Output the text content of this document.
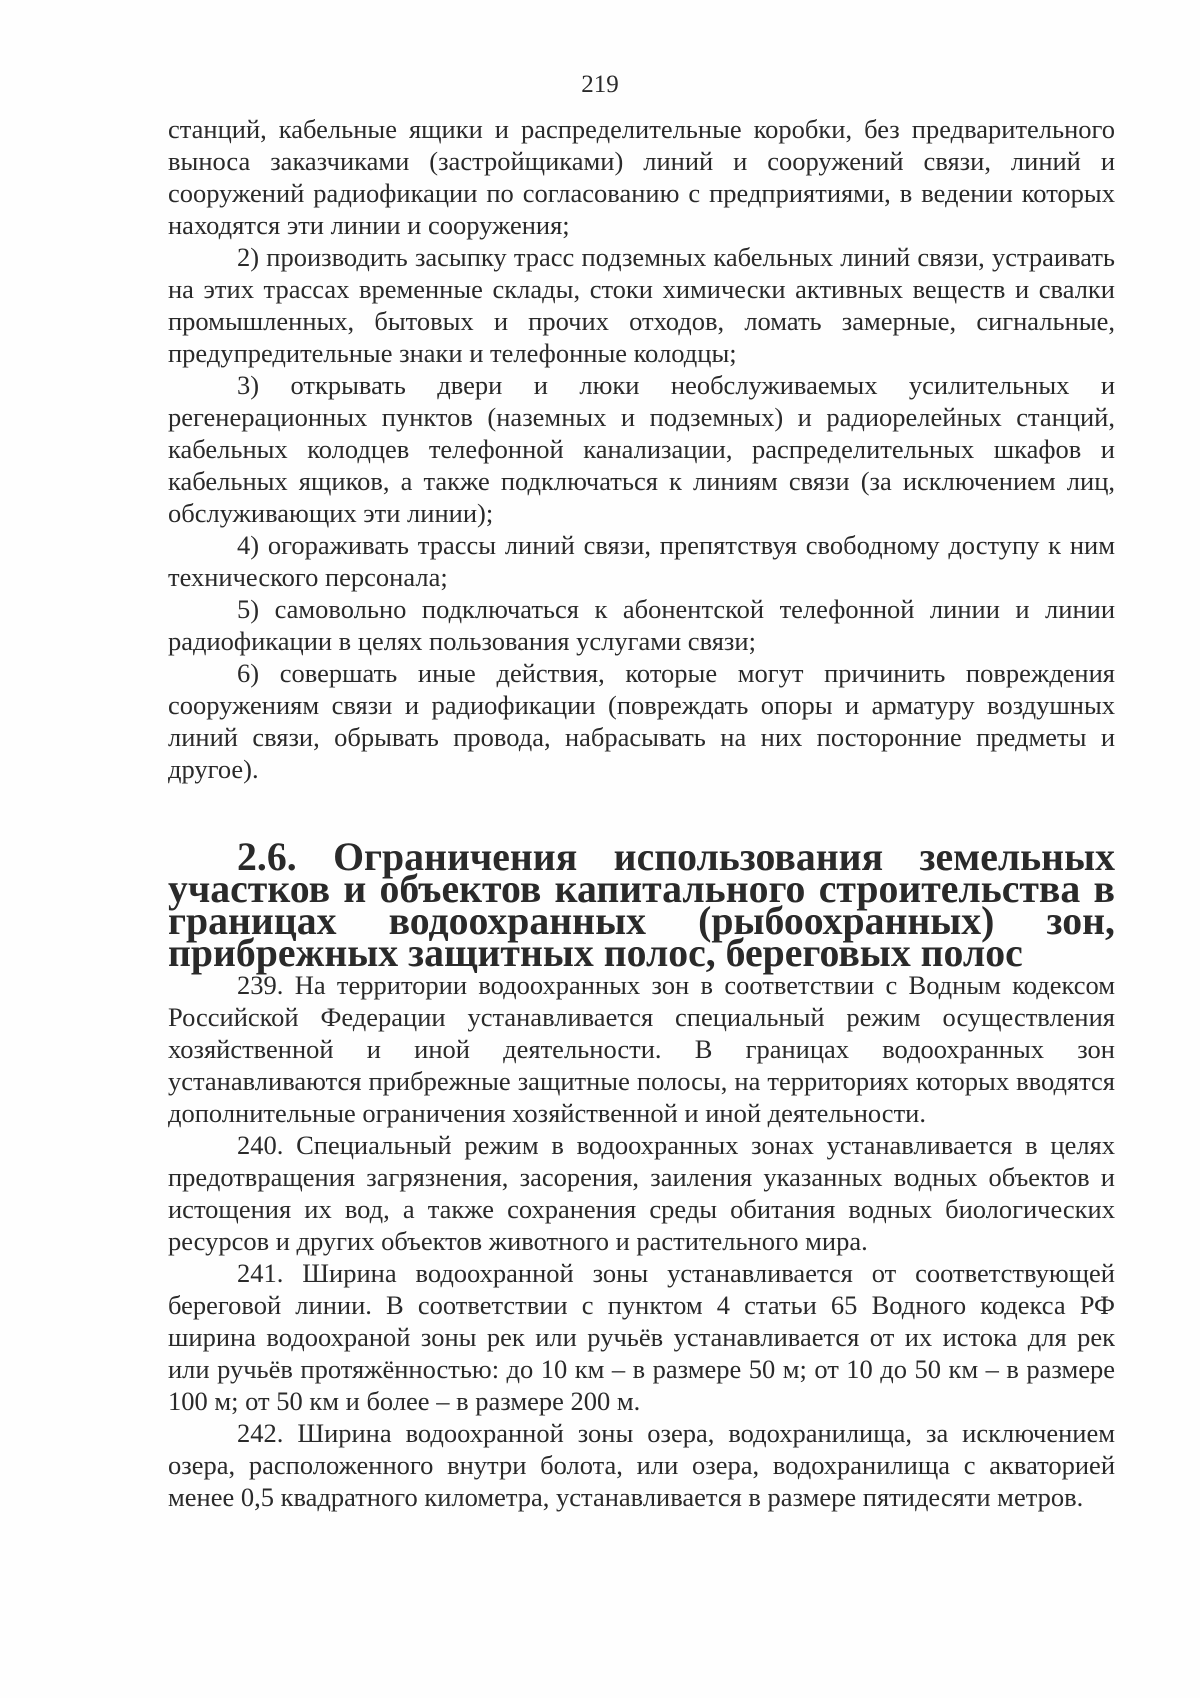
219

станций, кабельные ящики и распределительные коробки, без предварительного выноса заказчиками (застройщиками) линий и сооружений связи, линий и сооружений радиофикации по согласованию с предприятиями, в ведении которых находятся эти линии и сооружения;

2) производить засыпку трасс подземных кабельных линий связи, устраивать на этих трассах временные склады, стоки химически активных веществ и свалки промышленных, бытовых и прочих отходов, ломать замерные, сигнальные, предупредительные знаки и телефонные колодцы;

3) открывать двери и люки необслуживаемых усилительных и регенерационных пунктов (наземных и подземных) и радиорелейных станций, кабельных колодцев телефонной канализации, распределительных шкафов и кабельных ящиков, а также подключаться к линиям связи (за исключением лиц, обслуживающих эти линии);

4) огораживать трассы линий связи, препятствуя свободному доступу к ним технического персонала;

5) самовольно подключаться к абонентской телефонной линии и линии радиофикации в целях пользования услугами связи;

6) совершать иные действия, которые могут причинить повреждения сооружениям связи и радиофикации (повреждать опоры и арматуру воздушных линий связи, обрывать провода, набрасывать на них посторонние предметы и другое).

2.6. Ограничения использования земельных участков и объектов капитального строительства в границах водоохранных (рыбоохранных) зон, прибрежных защитных полос, береговых полос

239. На территории водоохранных зон в соответствии с Водным кодексом Российской Федерации устанавливается специальный режим осуществления хозяйственной и иной деятельности. В границах водоохранных зон устанавливаются прибрежные защитные полосы, на территориях которых вводятся дополнительные ограничения хозяйственной и иной деятельности.

240. Специальный режим в водоохранных зонах устанавливается в целях предотвращения загрязнения, засорения, заиления указанных водных объектов и истощения их вод, а также сохранения среды обитания водных биологических ресурсов и других объектов животного и растительного мира.

241. Ширина водоохранной зоны устанавливается от соответствующей береговой линии. В соответствии с пунктом 4 статьи 65 Водного кодекса РФ ширина водоохраной зоны рек или ручьёв устанавливается от их истока для рек или ручьёв протяжённостью: до 10 км – в размере 50 м; от 10 до 50 км – в размере 100 м; от 50 км и более – в размере 200 м.

242. Ширина водоохранной зоны озера, водохранилища, за исключением озера, расположенного внутри болота, или озера, водохранилища с акваторией менее 0,5 квадратного километра, устанавливается в размере пятидесяти метров.
